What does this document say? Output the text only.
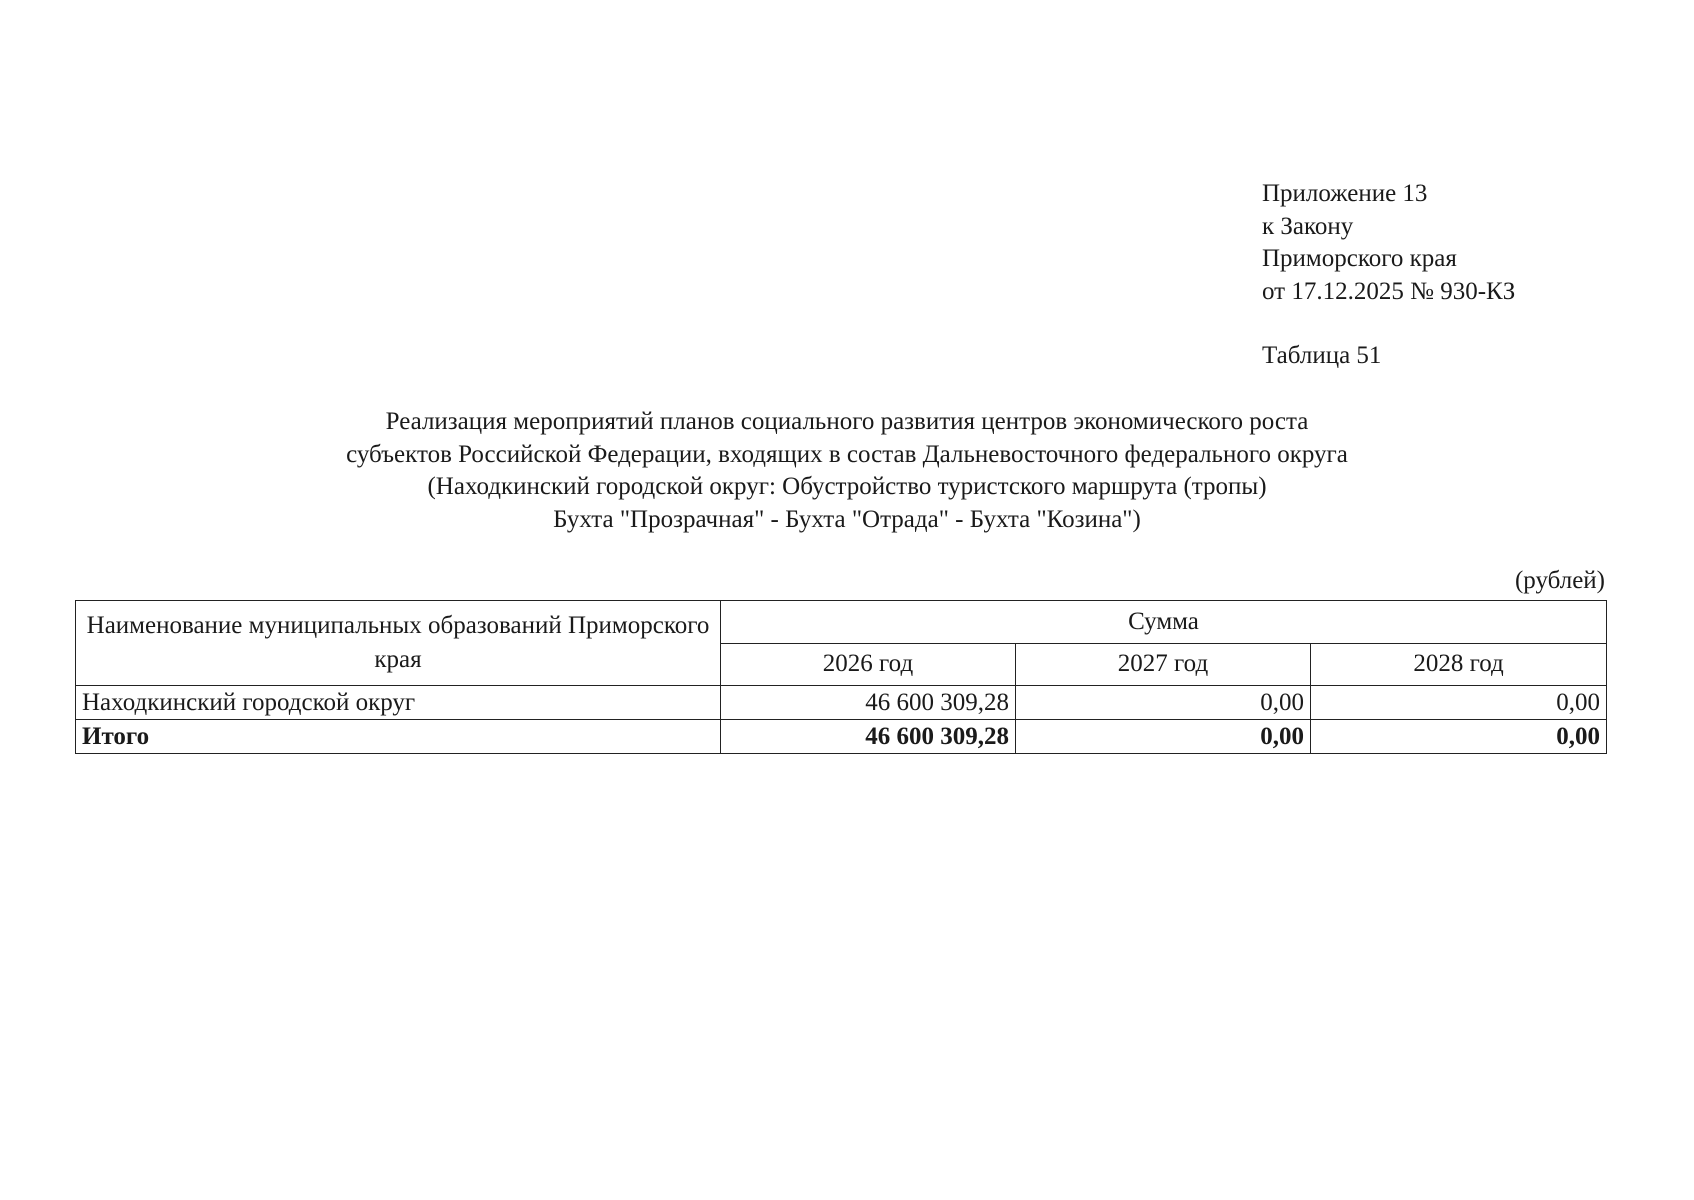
Приложение 13
к Закону
Приморского края
от 17.12.2025 № 930-КЗ
Таблица 51
Реализация мероприятий планов социального развития центров экономического роста
субъектов Российской Федерации, входящих в состав Дальневосточного федерального округа
(Находкинский городской округ: Обустройство туристского маршрута (тропы)
Бухта "Прозрачная" - Бухта "Отрада" - Бухта "Козина")
(рублей)
Наименование муниципальных образований Приморского края	Сумма		
	2026 год	2027 год	2028 год
Находкинский городской округ	46 600 309,28	0,00	0,00
Итого	46 600 309,28	0,00	0,00
